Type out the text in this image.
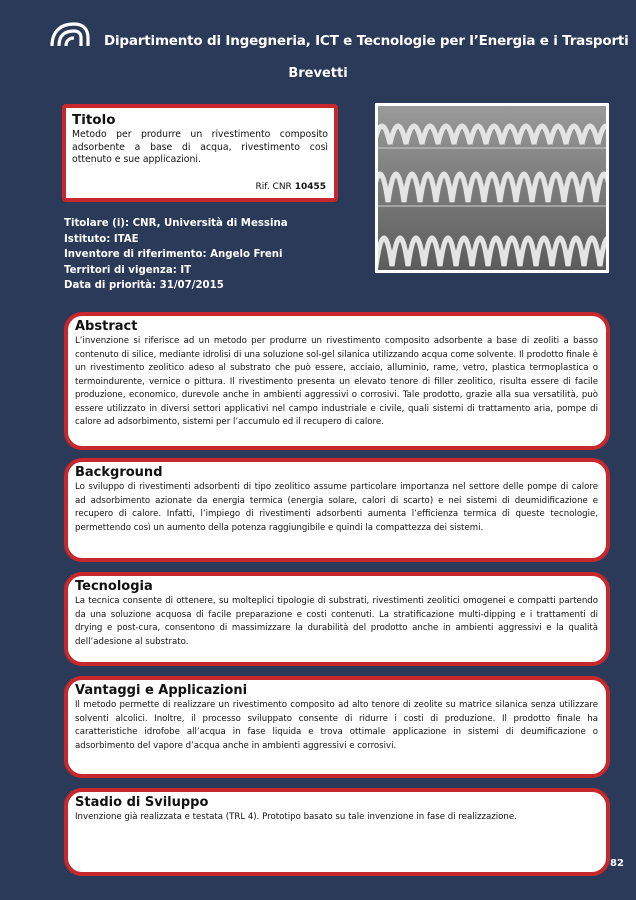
Dipartimento di Ingegneria, ICT e Tecnologie per l’Energia e i Trasporti
Brevetti
Titolo
Metodo per produrre un rivestimento composito adsorbente a base di acqua, rivestimento così ottenuto e sue applicazioni.
Rif. CNR 10455
Titolare (i): CNR, Università di Messina
Istituto: ITAE
Inventore di riferimento: Angelo Freni
Territori di vigenza: IT
Data di priorità: 31/07/2015
Abstract
L’invenzione si riferisce ad un metodo per produrre un rivestimento composito adsorbente a base di zeoliti a basso contenuto di silice, mediante idrolisi di una soluzione sol-gel silanica utilizzando acqua come solvente. Il prodotto finale è un rivestimento zeolitico adeso al substrato che può essere, acciaio, alluminio, rame, vetro, plastica termoplastica o termoindurente, vernice o pittura. Il rivestimento presenta un elevato tenore di filler zeolitico, risulta essere di facile produzione, economico, durevole anche in ambienti aggressivi o corrosivi. Tale prodotto, grazie alla sua versatilità, può essere utilizzato in diversi settori applicativi nel campo industriale e civile, quali sistemi di trattamento aria, pompe di calore ad adsorbimento, sistemi per l’accumulo ed il recupero di calore.
Background
Lo sviluppo di rivestimenti adsorbenti di tipo zeolitico assume particolare importanza nel settore delle pompe di calore ad adsorbimento azionate da energia termica (energia solare, calori di scarto) e nei sistemi di deumidificazione e recupero di calore. Infatti, l’impiego di rivestimenti adsorbenti aumenta l’efficienza termica di queste tecnologie, permettendo così un aumento della potenza raggiungibile e quindi la compattezza dei sistemi.
Tecnologia
La tecnica consente di ottenere, su molteplici tipologie di substrati, rivestimenti zeolitici omogenei e compatti partendo da una soluzione acquosa di facile preparazione e costi contenuti. La stratificazione multi-dipping e i trattamenti di drying e post-cura, consentono di massimizzare la durabilità del prodotto anche in ambienti aggressivi e la qualità dell’adesione al substrato.
Vantaggi e Applicazioni
Il metodo permette di realizzare un rivestimento composito ad alto tenore di zeolite su matrice silanica senza utilizzare solventi alcolici. Inoltre, il processo sviluppato consente di ridurre i costi di produzione. Il prodotto finale ha caratteristiche idrofobe all’acqua in fase liquida e trova ottimale applicazione in sistemi di deumificazione o adsorbimento del vapore d’acqua anche in ambienti aggressivi e corrosivi.
Stadio di Sviluppo
Invenzione già realizzata e testata (TRL 4). Prototipo basato su tale invenzione in fase di realizzazione.
82
